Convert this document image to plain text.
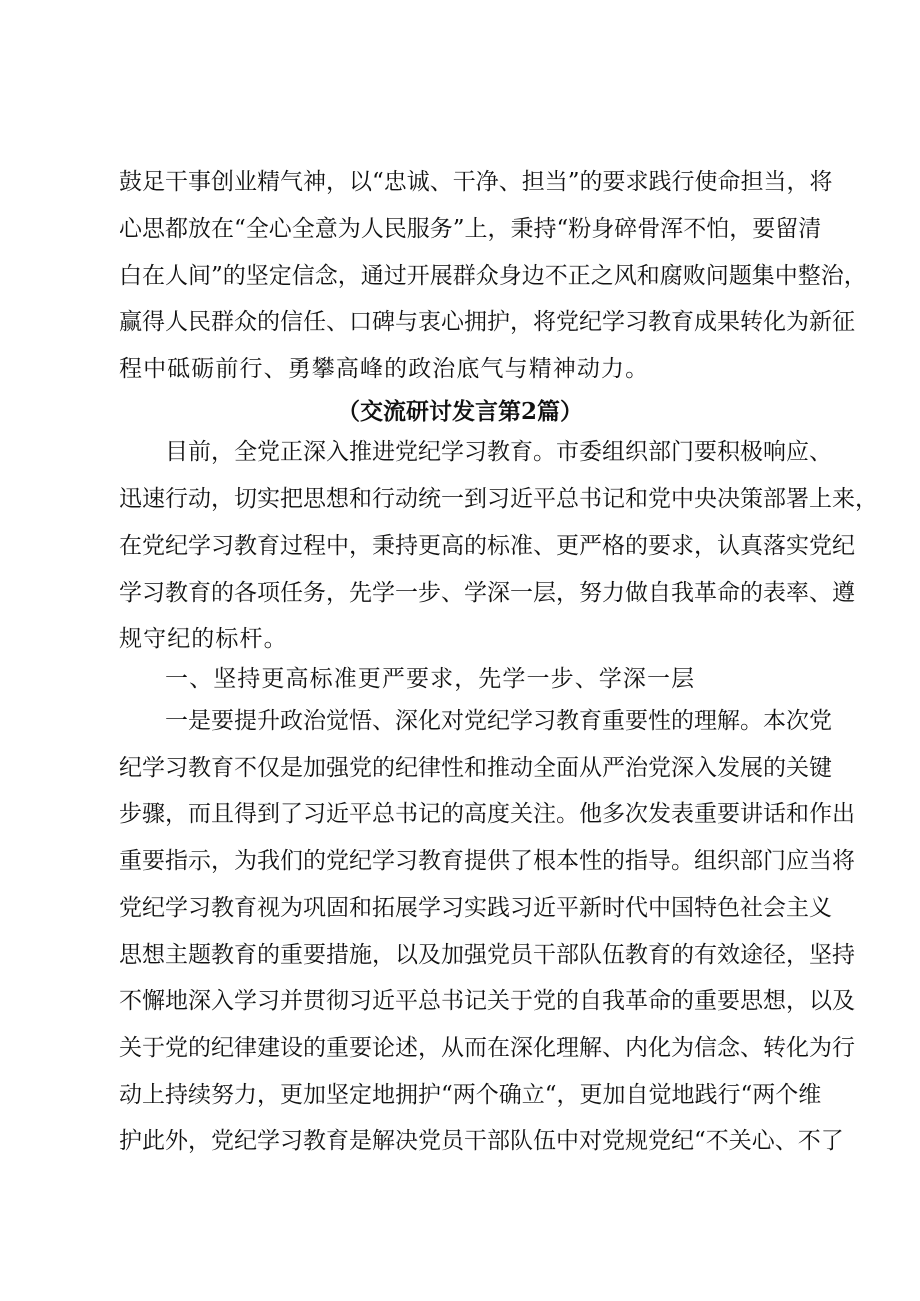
鼓足干事创业精气神，以“忠诚、干净、担当”的要求践行使命担当，将
心思都放在“全心全意为人民服务”上，秉持“粉身碎骨浑不怕，要留清
白在人间”的坚定信念，通过开展群众身边不正之风和腐败问题集中整治，
赢得人民群众的信任、口碑与衷心拥护，将党纪学习教育成果转化为新征
程中砥砺前行、勇攀高峰的政治底气与精神动力。
（交流研讨发言第2篇）
目前，全党正深入推进党纪学习教育。市委组织部门要积极响应、
迅速行动，切实把思想和行动统一到习近平总书记和党中央决策部署上来，
在党纪学习教育过程中，秉持更高的标准、更严格的要求，认真落实党纪
学习教育的各项任务，先学一步、学深一层，努力做自我革命的表率、遵
规守纪的标杆。
一、坚持更高标准更严要求，先学一步、学深一层
一是要提升政治觉悟、深化对党纪学习教育重要性的理解。本次党
纪学习教育不仅是加强党的纪律性和推动全面从严治党深入发展的关键
步骤，而且得到了习近平总书记的高度关注。他多次发表重要讲话和作出
重要指示，为我们的党纪学习教育提供了根本性的指导。组织部门应当将
党纪学习教育视为巩固和拓展学习实践习近平新时代中国特色社会主义
思想主题教育的重要措施，以及加强党员干部队伍教育的有效途径，坚持
不懈地深入学习并贯彻习近平总书记关于党的自我革命的重要思想，以及
关于党的纪律建设的重要论述，从而在深化理解、内化为信念、转化为行
动上持续努力，更加坚定地拥护“两个确立“，更加自觉地践行“两个维
护此外，党纪学习教育是解决党员干部队伍中对党规党纪“不关心、不了
